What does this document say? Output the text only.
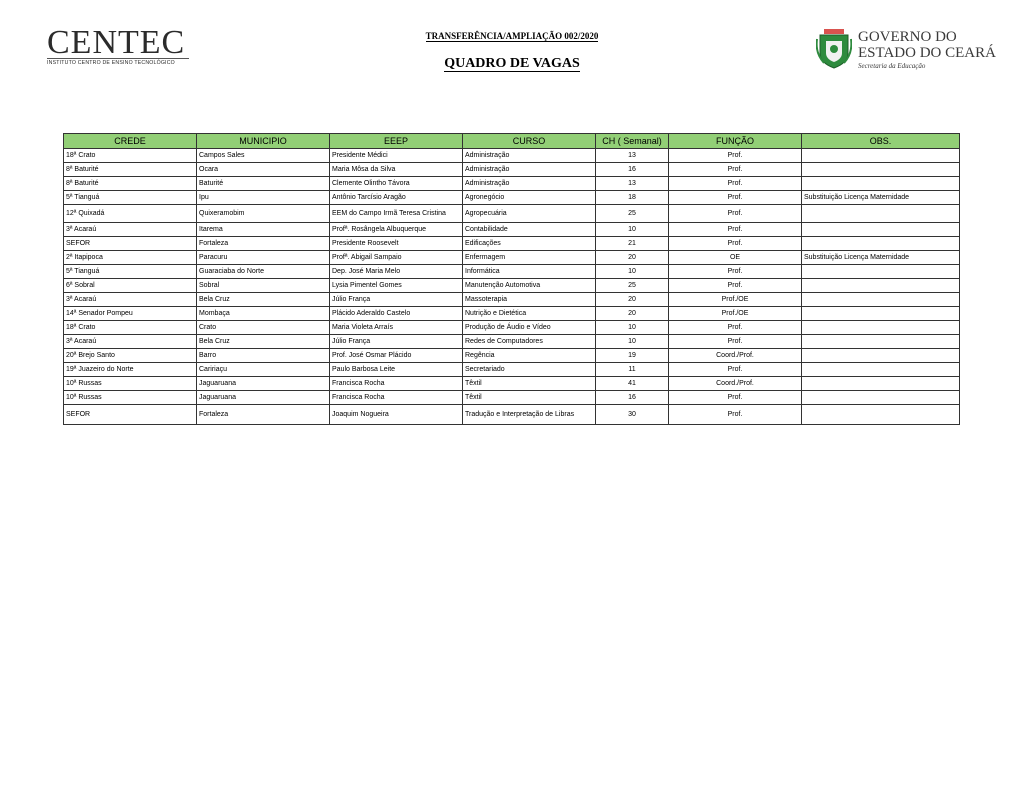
CENTEC
INSTITUTO CENTRO DE ENSINO TECNOLÓGICO
TRANSFERÊNCIA/AMPLIAÇÃO 002/2020
QUADRO DE VAGAS
GOVERNO DO
ESTADO DO CEARÁ
Secretaria da Educação
CREDE	MUNICIPIO	EEEP	CURSO	CH ( Semanal)	FUNÇÃO	OBS.
18ª Crato	Campos Sales	Presidente Médici	Administração	13	Prof.	
8ª Baturité	Ocara	Maria Môsa da Silva	Administração	16	Prof.	
8ª Baturité	Baturité	Clemente Olintho Távora	Administração	13	Prof.	
5ª Tianguá	Ipu	Antônio Tarcísio Aragão	Agronegócio	18	Prof.	Substituição Licença Maternidade
12ª Quixadá	Quixeramobim	EEM do Campo Irmã Teresa Cristina	Agropecuária	25	Prof.	
3ª Acaraú	Itarema	Profª. Rosângela Albuquerque	Contabilidade	10	Prof.	
SEFOR	Fortaleza	Presidente Roosevelt	Edificações	21	Prof.	
2ª Itapipoca	Paracuru	Profª. Abigail Sampaio	Enfermagem	20	OE	Substituição Licença Maternidade
5ª Tianguá	Guaraciaba do Norte	Dep. José Maria Melo	Informática	10	Prof.	
6ª Sobral	Sobral	Lysia Pimentel Gomes	Manutenção Automotiva	25	Prof.	
3ª Acaraú	Bela Cruz	Júlio França	Massoterapia	20	Prof./OE	
14ª Senador Pompeu	Mombaça	Plácido Aderaldo Castelo	Nutrição e Dietética	20	Prof./OE	
18ª Crato	Crato	Maria Violeta Arraís	Produção de Áudio e Vídeo	10	Prof.	
3ª Acaraú	Bela Cruz	Júlio França	Redes de Computadores	10	Prof.	
20ª Brejo Santo	Barro	Prof. José Osmar Plácido	Regência	19	Coord./Prof.	
19ª Juazeiro do Norte	Caririaçu	Paulo Barbosa Leite	Secretariado	11	Prof.	
10ª Russas	Jaguaruana	Francisca Rocha	Têxtil	41	Coord./Prof.	
10ª Russas	Jaguaruana	Francisca Rocha	Têxtil	16	Prof.	
SEFOR	Fortaleza	Joaquim Nogueira	Tradução e Interpretação de Libras	30	Prof.	
